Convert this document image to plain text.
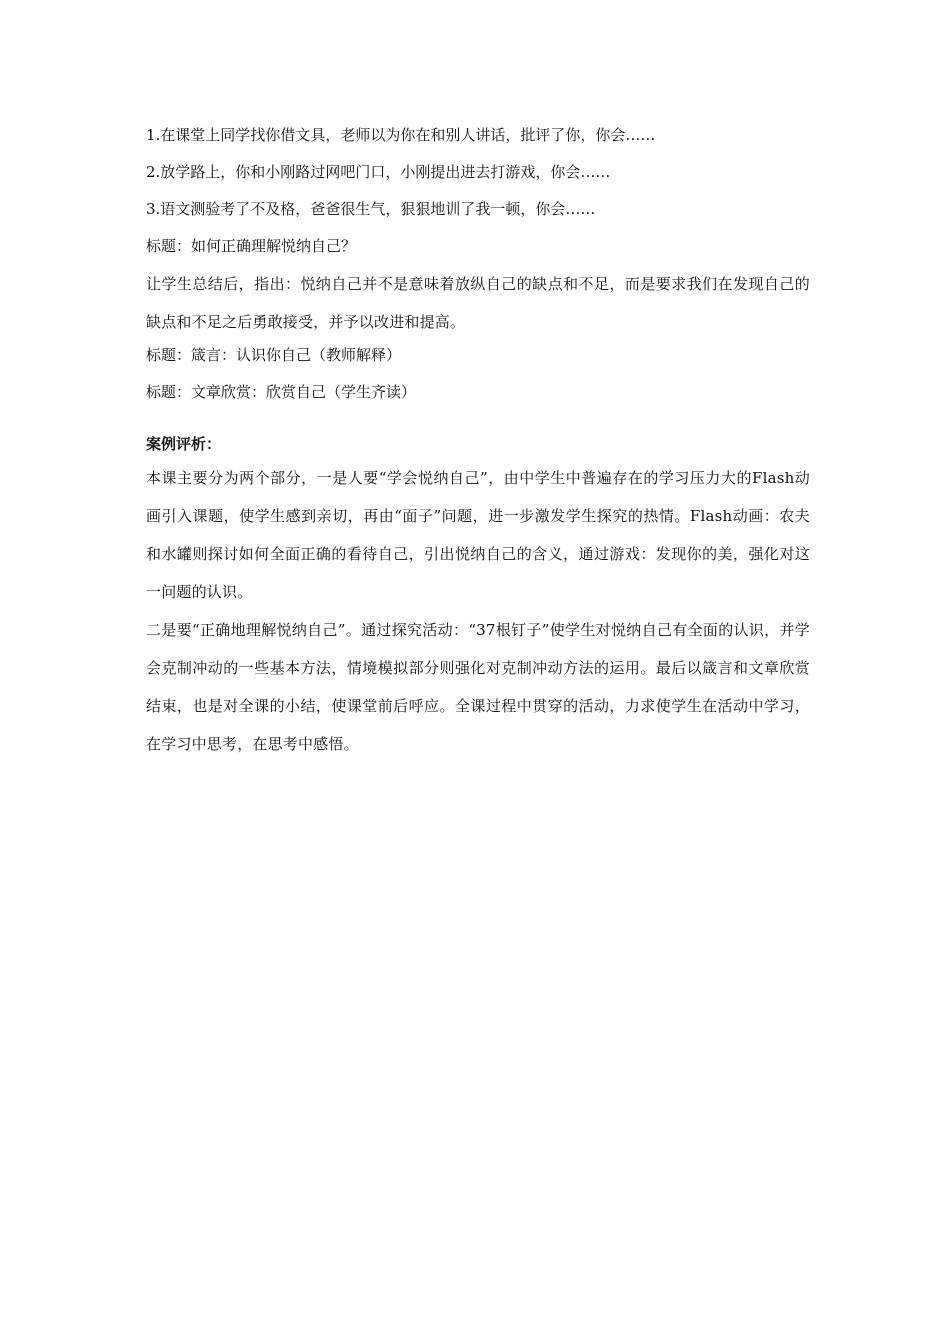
1.在课堂上同学找你借文具，老师以为你在和别人讲话，批评了你，你会……

2.放学路上，你和小刚路过网吧门口，小刚提出进去打游戏，你会……

3.语文测验考了不及格，爸爸很生气，狠狠地训了我一顿，你会……

标题：如何正确理解悦纳自己？

让学生总结后，指出：悦纳自己并不是意味着放纵自己的缺点和不足，而是要求我们在发现自己的缺点和不足之后勇敢接受，并予以改进和提高。

标题：箴言：认识你自己（教师解释）

标题：文章欣赏：欣赏自己（学生齐读）

案例评析：

本课主要分为两个部分，一是人要“学会悦纳自己”，由中学生中普遍存在的学习压力大的Flash动画引入课题，使学生感到亲切，再由“面子”问题，进一步激发学生探究的热情。Flash动画：农夫和水罐则探讨如何全面正确的看待自己，引出悦纳自己的含义，通过游戏：发现你的美，强化对这一问题的认识。

二是要“正确地理解悦纳自己”。通过探究活动：“37根钉子”使学生对悦纳自己有全面的认识，并学会克制冲动的一些基本方法，情境模拟部分则强化对克制冲动方法的运用。最后以箴言和文章欣赏结束，也是对全课的小结，使课堂前后呼应。全课过程中贯穿的活动，力求使学生在活动中学习，在学习中思考，在思考中感悟。
